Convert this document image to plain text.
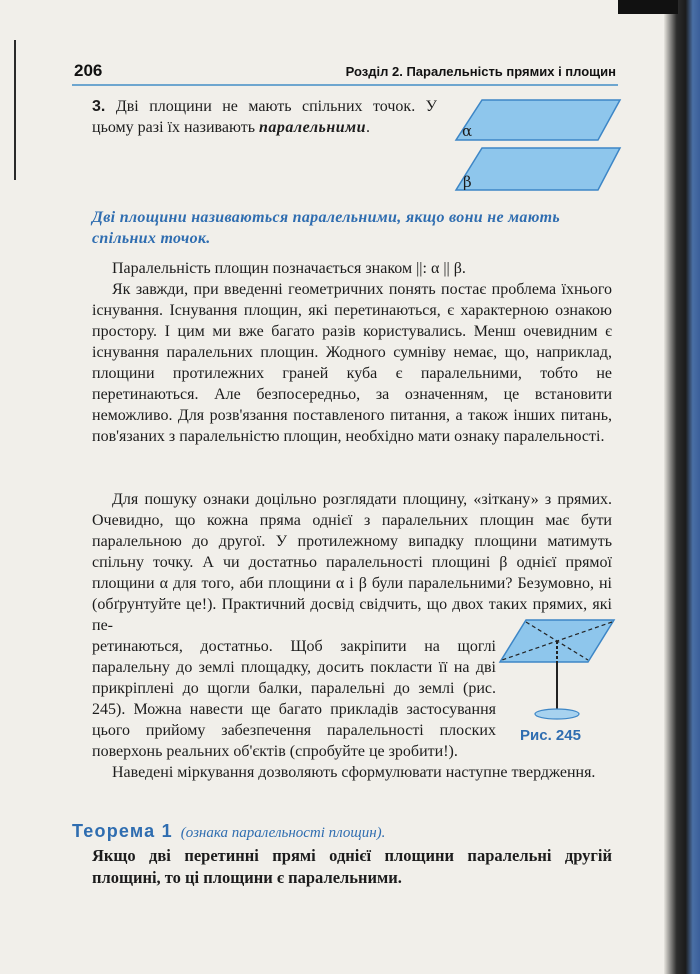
206	Розділ 2. Паралельність прямих і площин

3. Дві площини не мають спільних точок. У цьому разі їх називають паралельними.	α
β

Дві площини називаються паралельними, якщо вони не мають спільних точок.

Паралельність площин позначається знаком ||: α || β.

Як завжди, при введенні геометричних понять постає проблема їхнього існування. Існування площин, які перетинаються, є характерною ознакою простору. І цим ми вже багато разів користувались. Менш очевидним є існування паралельних площин. Жодного сумніву немає, що, наприклад, площини протилежних граней куба є паралельними, тобто не перетинаються. Але безпосередньо, за означенням, це встановити неможливо. Для розв'язання поставленого питання, а також інших питань, пов'язаних з паралельністю площин, необхідно мати ознаку паралельності.

Для пошуку ознаки доцільно розглядати площину, «зіткану» з прямих. Очевидно, що кожна пряма однієї з паралельних площин має бути паралельною до другої. У протилежному випадку площини матимуть спільну точку. А чи достатньо паралельності площині β однієї прямої площини α для того, аби площини α і β були паралельними? Безумовно, ні (обґрунтуйте це!). Практичний досвід свідчить, що двох таких прямих, які пе-

ретинаються, достатньо. Щоб закріпити на щоглі паралельну до землі площадку, досить покласти її на дві прикріплені до щогли балки, паралельні до землі (рис. 245). Можна навести ще багато прикладів застосування цього прийому забезпечення паралельності плоских поверхонь реальних об'єктів (спробуйте це зробити!).

Рис. 245

Наведені міркування дозволяють сформулювати наступне твердження.

Теорема 1 (ознака паралельності площин).

Якщо дві перетинні прямі однієї площини паралельні другій площині, то ці площини є паралельними.
